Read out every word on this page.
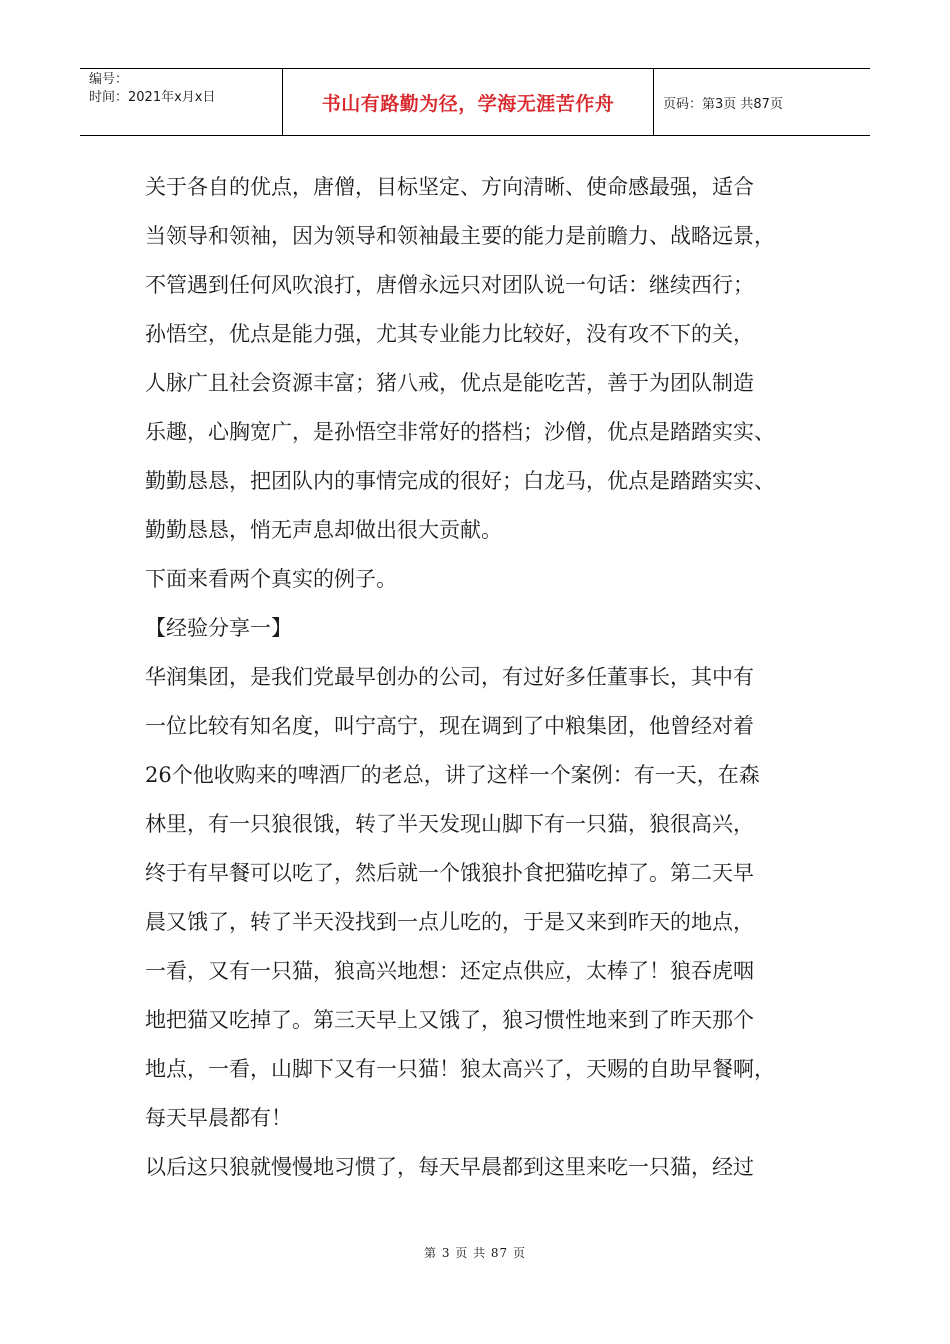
编号：
时间：2021年x月x日	书山有路勤为径，学海无涯苦作舟	页码：第3页 共87页
关于各自的优点，唐僧，目标坚定、方向清晰、使命感最强，适合
当领导和领袖，因为领导和领袖最主要的能力是前瞻力、战略远景，
不管遇到任何风吹浪打，唐僧永远只对团队说一句话：继续西行；
孙悟空，优点是能力强，尤其专业能力比较好，没有攻不下的关，
人脉广且社会资源丰富；猪八戒，优点是能吃苦，善于为团队制造
乐趣，心胸宽广，是孙悟空非常好的搭档；沙僧，优点是踏踏实实、
勤勤恳恳，把团队内的事情完成的很好；白龙马，优点是踏踏实实、
勤勤恳恳，悄无声息却做出很大贡献。
下面来看两个真实的例子。
【经验分享一】
华润集团，是我们党最早创办的公司，有过好多任董事长，其中有
一位比较有知名度，叫宁高宁，现在调到了中粮集团，他曾经对着
26个他收购来的啤酒厂的老总，讲了这样一个案例：有一天，在森
林里，有一只狼很饿，转了半天发现山脚下有一只猫，狼很高兴，
终于有早餐可以吃了，然后就一个饿狼扑食把猫吃掉了。第二天早
晨又饿了，转了半天没找到一点儿吃的，于是又来到昨天的地点，
一看，又有一只猫，狼高兴地想：还定点供应，太棒了！狼吞虎咽
地把猫又吃掉了。第三天早上又饿了，狼习惯性地来到了昨天那个
地点，一看，山脚下又有一只猫！狼太高兴了，天赐的自助早餐啊，
每天早晨都有！
以后这只狼就慢慢地习惯了，每天早晨都到这里来吃一只猫，经过
第 3 页 共 87 页
